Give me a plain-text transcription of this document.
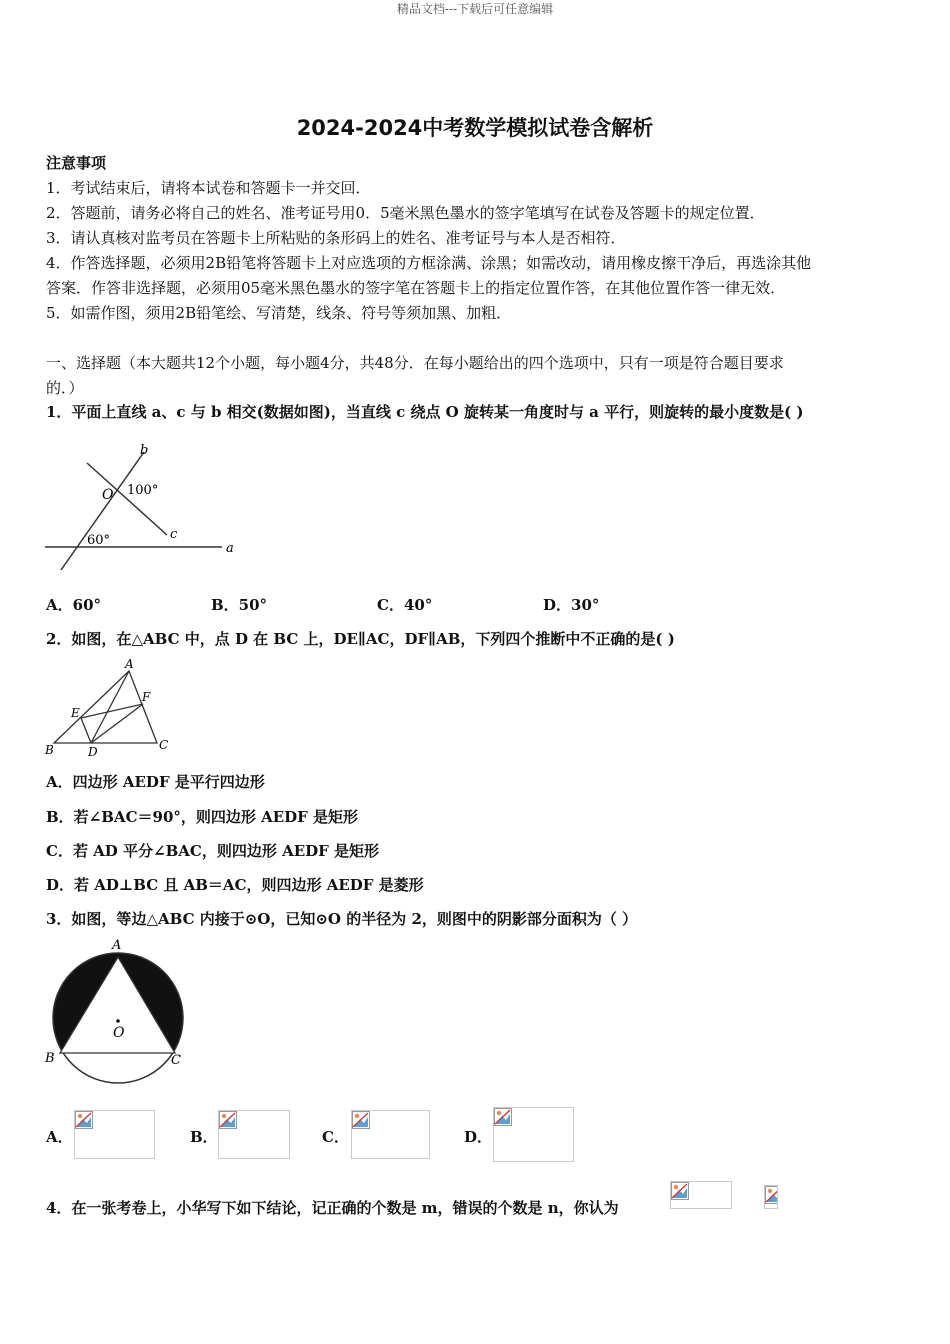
精品文档---下载后可任意编辑
2024-2024中考数学模拟试卷含解析
注意事项
1．考试结束后，请将本试卷和答题卡一并交回．
2．答题前，请务必将自己的姓名、准考证号用0．5毫米黑色墨水的签字笔填写在试卷及答题卡的规定位置．
3．请认真核对监考员在答题卡上所粘贴的条形码上的姓名、准考证号与本人是否相符．
4．作答选择题，必须用2B铅笔将答题卡上对应选项的方框涂满、涂黑；如需改动，请用橡皮擦干净后，再选涂其他
答案．作答非选择题，必须用05毫米黑色墨水的签字笔在答题卡上的指定位置作答，在其他位置作答一律无效．
5．如需作图，须用2B铅笔绘、写清楚，线条、符号等须加黑、加粗．
一、选择题（本大题共12个小题，每小题4分，共48分．在每小题给出的四个选项中，只有一项是符合题目要求
的．）
1．平面上直线 a、c 与 b 相交(数据如图)，当直线 c 绕点 O 旋转某一角度时与 a 平行，则旋转的最小度数是( )
b
O 100°
c
60°
a
A．60°	B．50°	C．40°	D．30°
2．如图，在△ABC 中，点 D 在 BC 上，DE∥AC，DF∥AB，下列四个推断中不正确的是( )
A
F
E
B	D	C
A．四边形 AEDF 是平行四边形
B．若∠BAC＝90°，则四边形 AEDF 是矩形
C．若 AD 平分∠BAC，则四边形 AEDF 是矩形
D．若 AD⊥BC 且 AB＝AC，则四边形 AEDF 是菱形
3．如图，等边△ABC 内接于⊙O，已知⊙O 的半径为 2，则图中的阴影部分面积为（ ）
A
O
B	C
A．	B．	C．	D．
4．在一张考卷上，小华写下如下结论，记正确的个数是 m，错误的个数是 n，你认为
